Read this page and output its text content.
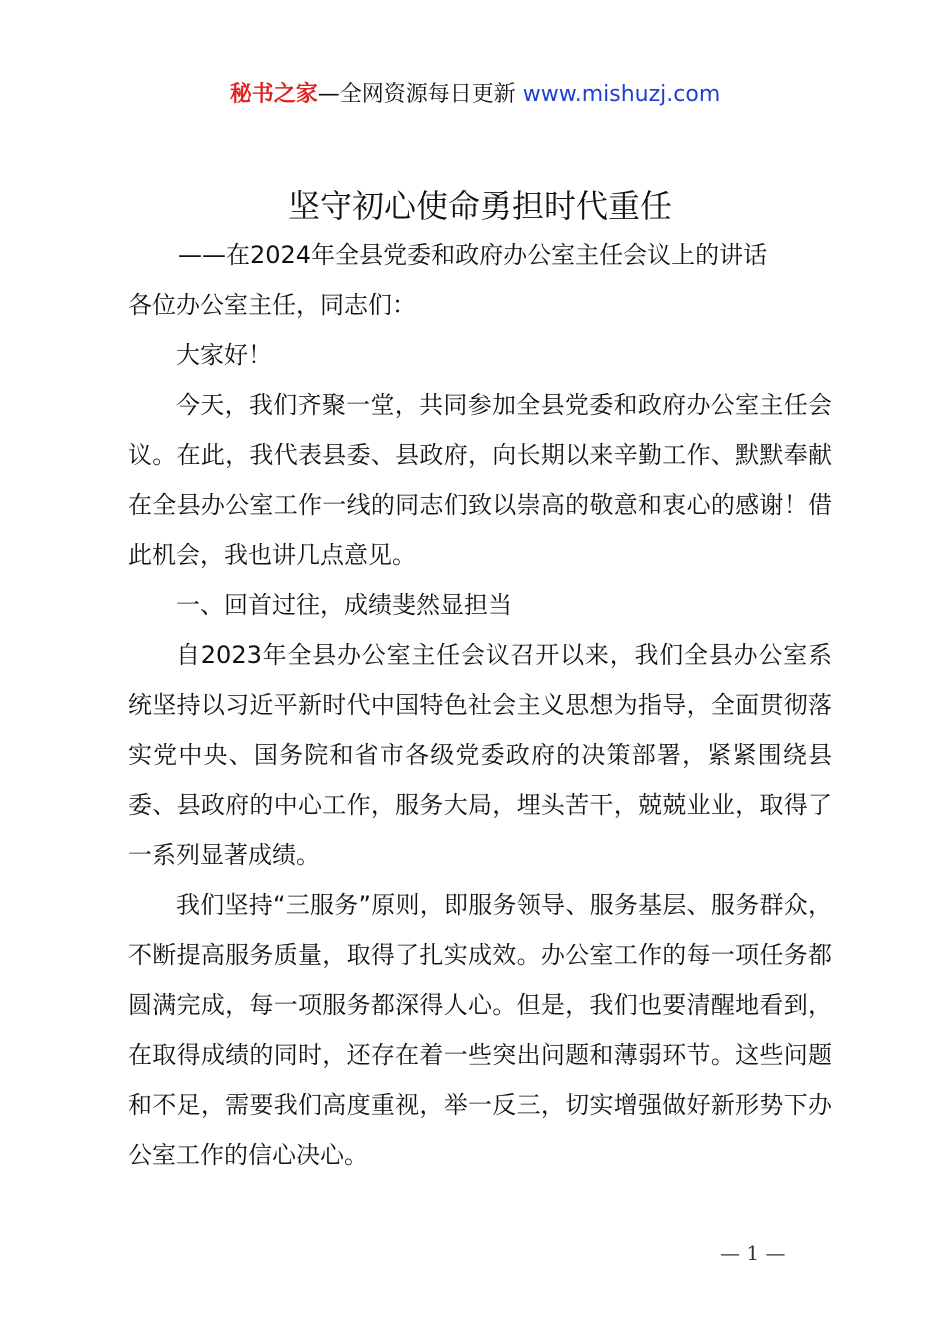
秘书之家—全网资源每日更新 www.mishuzj.com
坚守初心使命勇担时代重任

——在2024年全县党委和政府办公室主任会议上的讲话

各位办公室主任，同志们：

大家好！

今天，我们齐聚一堂，共同参加全县党委和政府办公室主任会议。在此，我代表县委、县政府，向长期以来辛勤工作、默默奉献在全县办公室工作一线的同志们致以崇高的敬意和衷心的感谢！借此机会，我也讲几点意见。

一、回首过往，成绩斐然显担当

自2023年全县办公室主任会议召开以来，我们全县办公室系统坚持以习近平新时代中国特色社会主义思想为指导，全面贯彻落实党中央、国务院和省市各级党委政府的决策部署，紧紧围绕县委、县政府的中心工作，服务大局，埋头苦干，兢兢业业，取得了一系列显著成绩。

我们坚持“三服务”原则，即服务领导、服务基层、服务群众，不断提高服务质量，取得了扎实成效。办公室工作的每一项任务都圆满完成，每一项服务都深得人心。但是，我们也要清醒地看到，在取得成绩的同时，还存在着一些突出问题和薄弱环节。这些问题和不足，需要我们高度重视，举一反三，切实增强做好新形势下办公室工作的信心决心。

— 1 —
